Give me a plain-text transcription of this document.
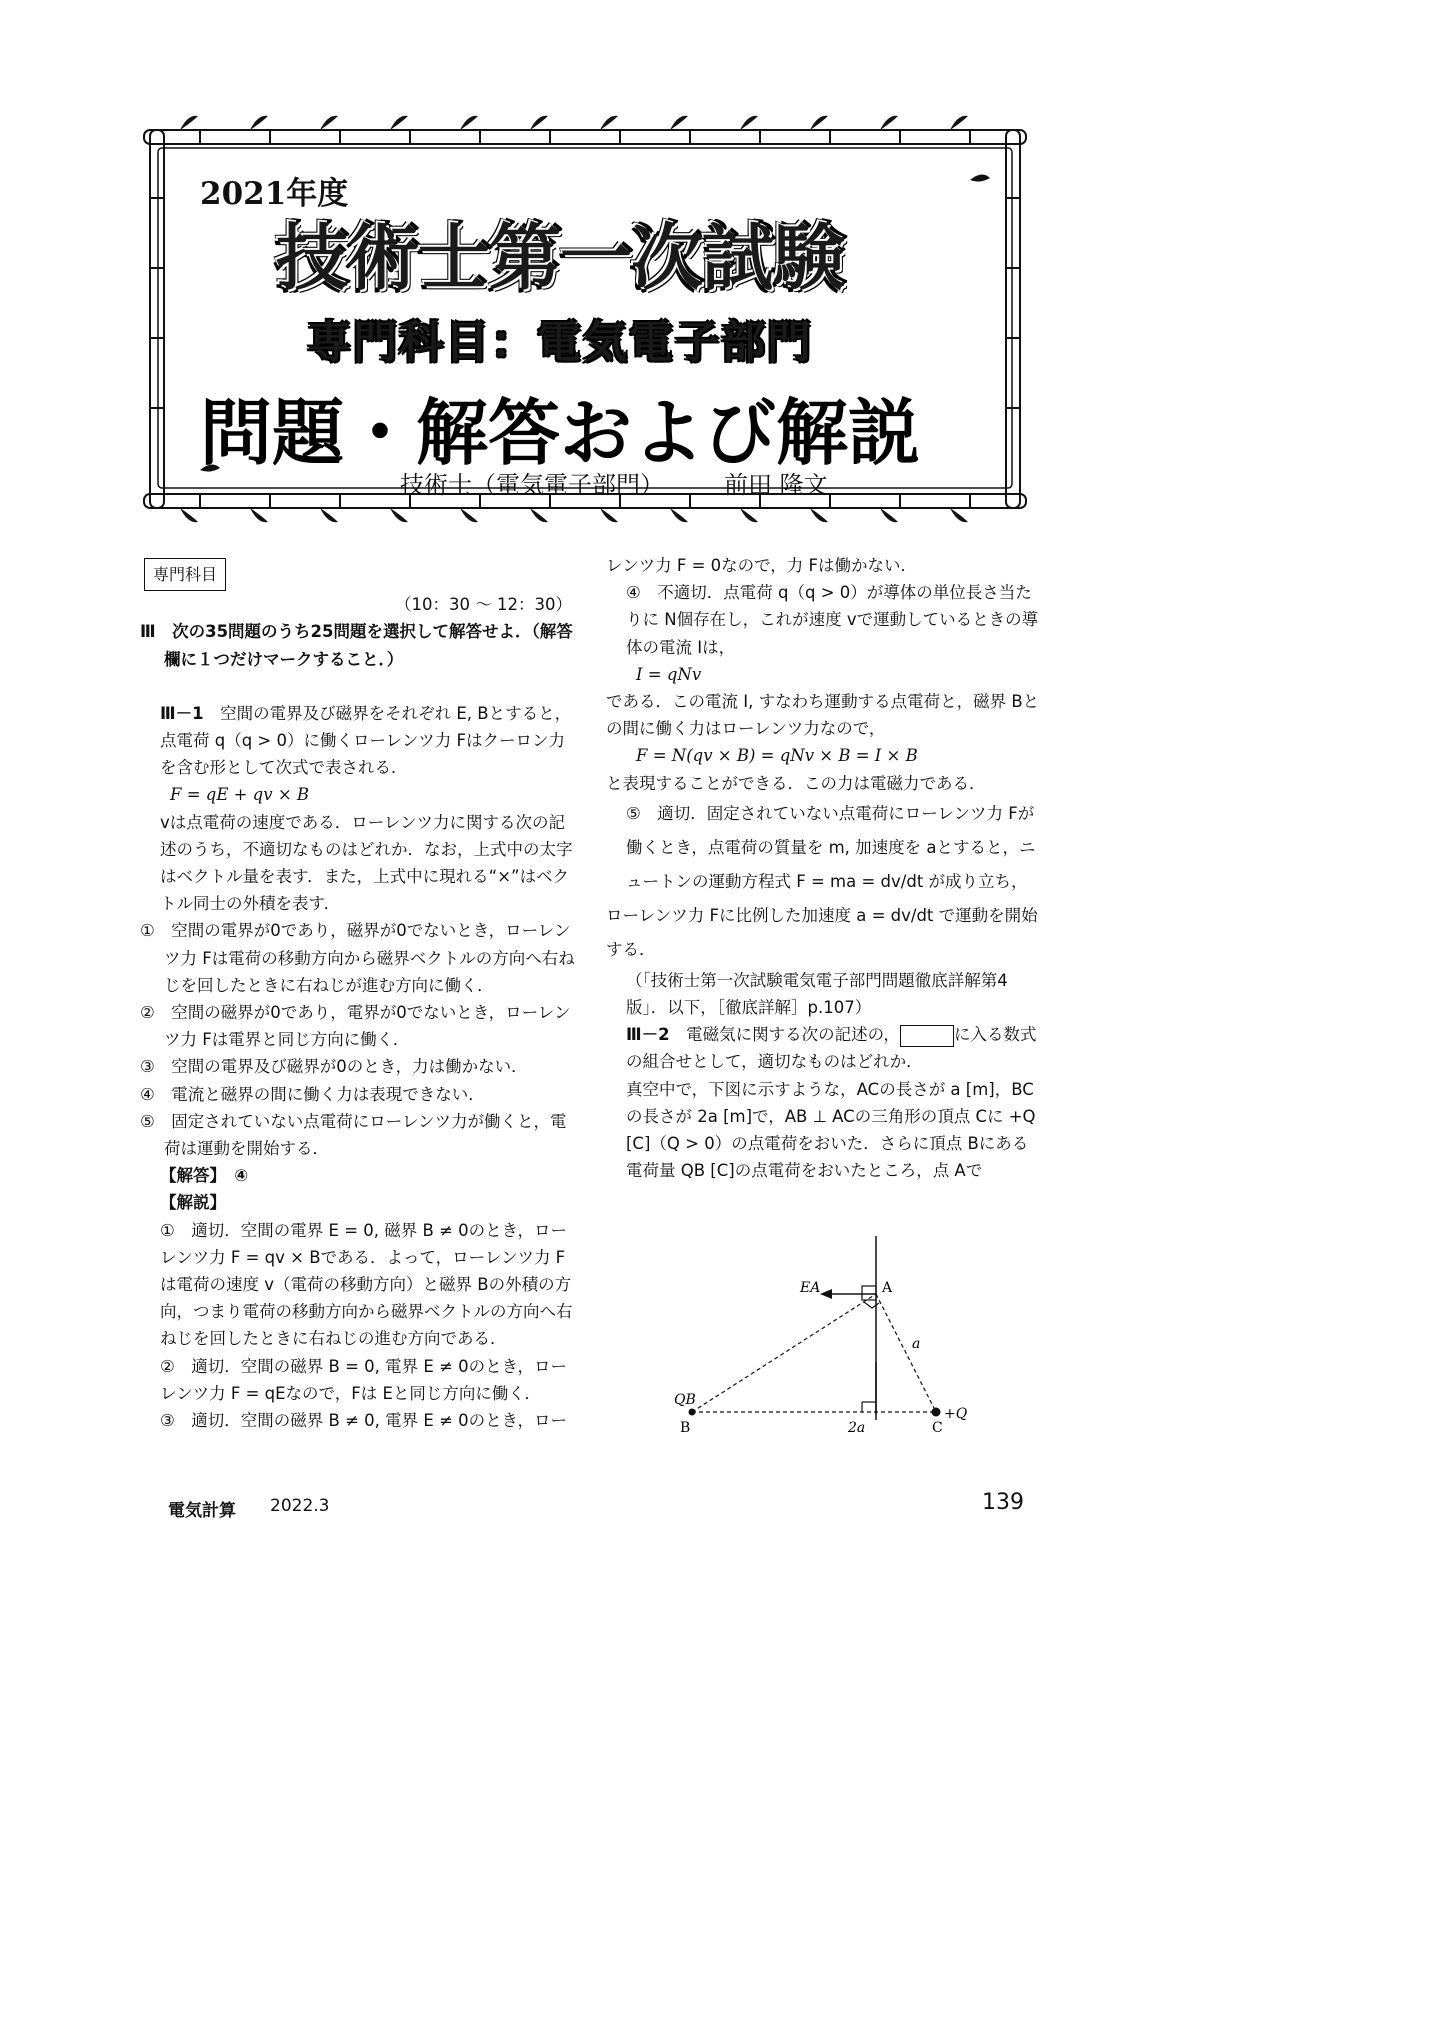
2021年度
技術士第一次試験
専門科目：電気電子部門
問題・解答および解説
技術士（電気電子部門）	前田 隆文
専門科目

（10：30 〜 12：30）

Ⅲ　次の35問題のうち25問題を選択して解答せよ．（解答欄に１つだけマークすること．）

Ⅲ－1　 空間の電界及び磁界をそれぞれ E, Bとすると，点電荷 q（q > 0）に働くローレンツ力 Fはクーロン力を含む形として次式で表される．

F = qE + qv × B

vは点電荷の速度である．ローレンツ力に関する次の記述のうち，不適切なものはどれか．なお，上式中の太字はベクトル量を表す．また，上式中に現れる“×”はベクトル同士の外積を表す．

①　空間の電界が0であり，磁界が0でないとき，ローレンツ力 Fは電荷の移動方向から磁界ベクトルの方向へ右ねじを回したときに右ねじが進む方向に働く．

②　空間の磁界が0であり，電界が0でないとき，ローレンツ力 Fは電界と同じ方向に働く．

③　空間の電界及び磁界が0のとき，力は働かない．

④　電流と磁界の間に働く力は表現できない．

⑤　固定されていない点電荷にローレンツ力が働くと，電荷は運動を開始する．

【解答】　 ④

【解説】

①　適切．空間の電界 E = 0, 磁界 B ≠ 0のとき，ローレンツ力 F = qv × Bである．よって，ローレンツ力 Fは電荷の速度 v（電荷の移動方向）と磁界 Bの外積の方向，つまり電荷の移動方向から磁界ベクトルの方向へ右ねじを回したときに右ねじの進む方向である．

②　適切．空間の磁界 B = 0, 電界 E ≠ 0のとき，ローレンツ力 F = qEなので，Fは Eと同じ方向に働く．

③　適切．空間の磁界 B ≠ 0, 電界 E ≠ 0のとき，ロー

レンツ力 F = 0なので，力 Fは働かない．

④　不適切．点電荷 q（q > 0）が導体の単位長さ当たりに N個存在し，これが速度 vで運動しているときの導体の電流 Iは，

I = qNv

である．この電流 I, すなわち運動する点電荷と，磁界 Bとの間に働く力はローレンツ力なので，

F = N(qv × B) = qNv × B = I × B

と表現することができる．この力は電磁力である．

⑤　適切．固定されていない点電荷にローレンツ力 Fが働くとき，点電荷の質量を m, 加速度を aとすると，ニュートンの運動方程式 F = ma = dv/dt が成り立ち，

ローレンツ力 Fに比例した加速度 a = dv/dt で運動を開始する．

（「技術士第一次試験電気電子部門問題徹底詳解第4版」．以下，［徹底詳解］p.107）

Ⅲ－2　 電磁気に関する次の記述の，	に入る数式の組合せとして，適切なものはどれか．

真空中で，下図に示すような，ACの長さが a [m]，BCの長さが 2a [m]で，AB ⊥ ACの三角形の頂点 Cに +Q [C]（Q > 0）の点電荷をおいた．さらに頂点 Bにある電荷量 QB [C]の点電荷をおいたところ，点 Aで

EA	A
a
QB
B	2a	C
+Q
電気計算 2022.3	139
